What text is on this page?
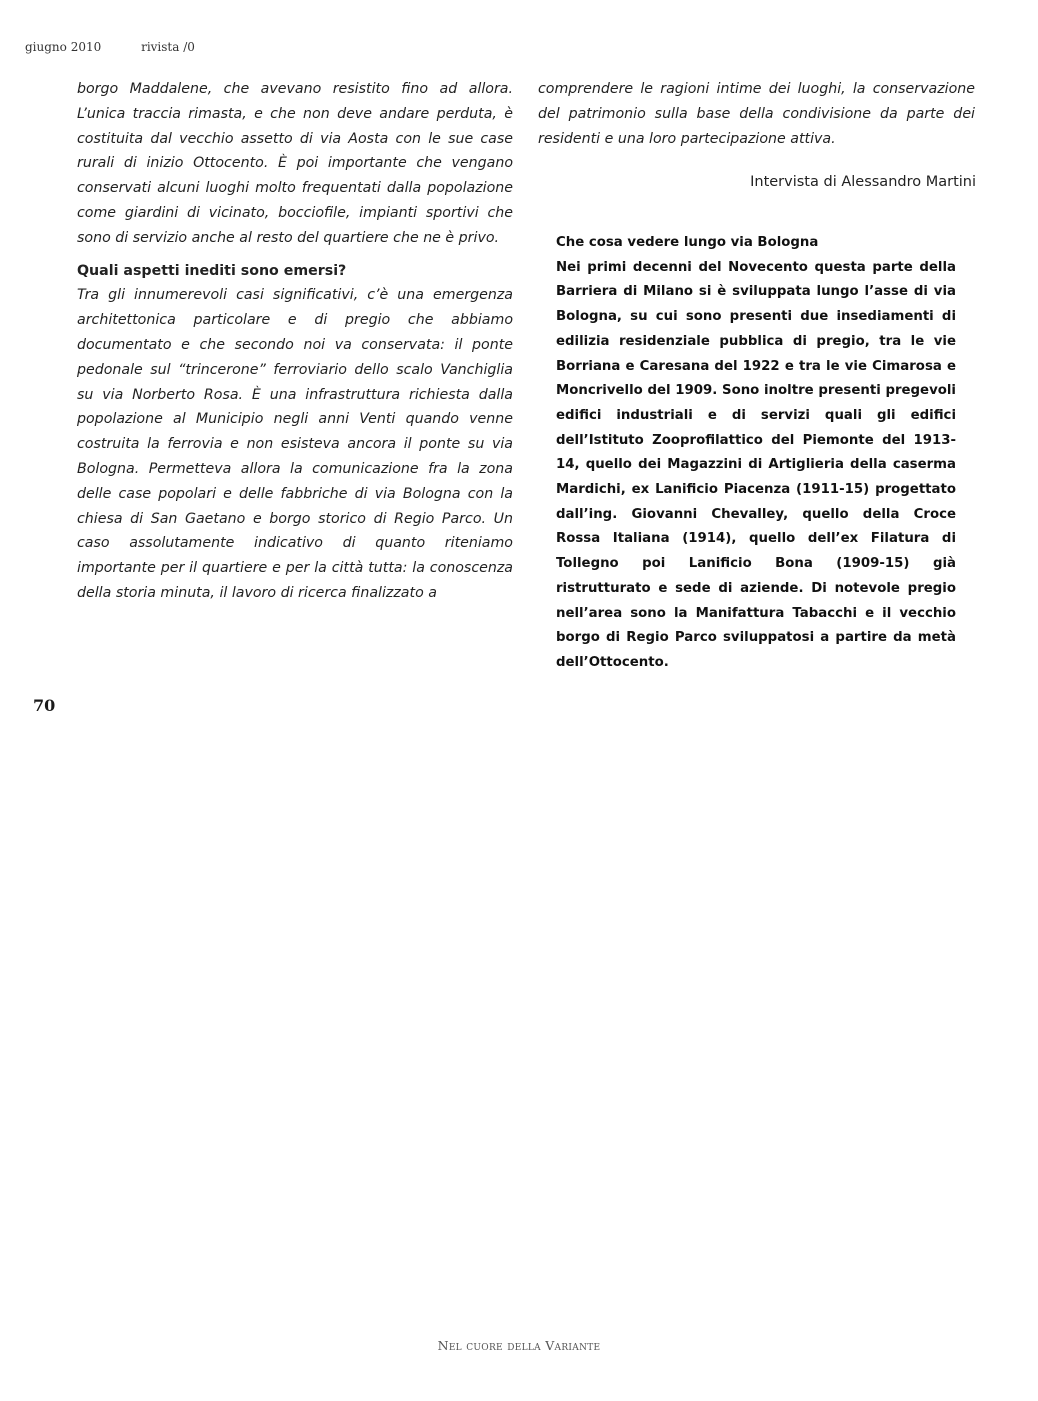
giugno 2010	rivista /0

borgo Maddalene, che avevano resistito fino ad allora. L’unica traccia rimasta, e che non deve andare perduta, è costituita dal vecchio assetto di via Aosta con le sue case rurali di inizio Ottocento. È poi importante che vengano conservati alcuni luoghi molto frequentati dalla popolazione come giardini di vicinato, bocciofile, impianti sportivi che sono di servizio anche al resto del quartiere che ne è privo.

Quali aspetti inediti sono emersi?

Tra gli innumerevoli casi significativi, c’è una emergenza architettonica particolare e di pregio che abbiamo documentato e che secondo noi va conservata: il ponte pedonale sul “trincerone” ferroviario dello scalo Vanchiglia su via Norberto Rosa. È una infrastruttura richiesta dalla popolazione al Municipio negli anni Venti quando venne costruita la ferrovia e non esisteva ancora il ponte su via Bologna. Permetteva allora la comunicazione fra la zona delle case popolari e delle fabbriche di via Bologna con la chiesa di San Gaetano e borgo storico di Regio Parco. Un caso assolutamente indicativo di quanto riteniamo importante per il quartiere e per la città tutta: la conoscenza della storia minuta, il lavoro di ricerca finalizzato a

comprendere le ragioni intime dei luoghi, la conservazione del patrimonio sulla base della condivisione da parte dei residenti e una loro partecipazione attiva.

Intervista di Alessandro Martini

Che cosa vedere lungo via Bologna

Nei primi decenni del Novecento questa parte della Barriera di Milano si è sviluppata lungo l’asse di via Bologna, su cui sono presenti due insediamenti di edilizia residenziale pubblica di pregio, tra le vie Borriana e Caresana del 1922 e tra le vie Cimarosa e Moncrivello del 1909. Sono inoltre presenti pregevoli edifici industriali e di servizi quali gli edifici dell’Istituto Zooprofilattico del Piemonte del 1913-14, quello dei Magazzini di Artiglieria della caserma Mardichi, ex Lanificio Piacenza (1911-15) progettato dall’ing. Giovanni Chevalley, quello della Croce Rossa Italiana (1914), quello dell’ex Filatura di Tollegno poi Lanificio Bona (1909-15) già ristrutturato e sede di aziende. Di notevole pregio nell’area sono la Manifattura Tabacchi e il vecchio borgo di Regio Parco sviluppatosi a partire da metà dell’Ottocento.

70
Nel cuore della Variante
